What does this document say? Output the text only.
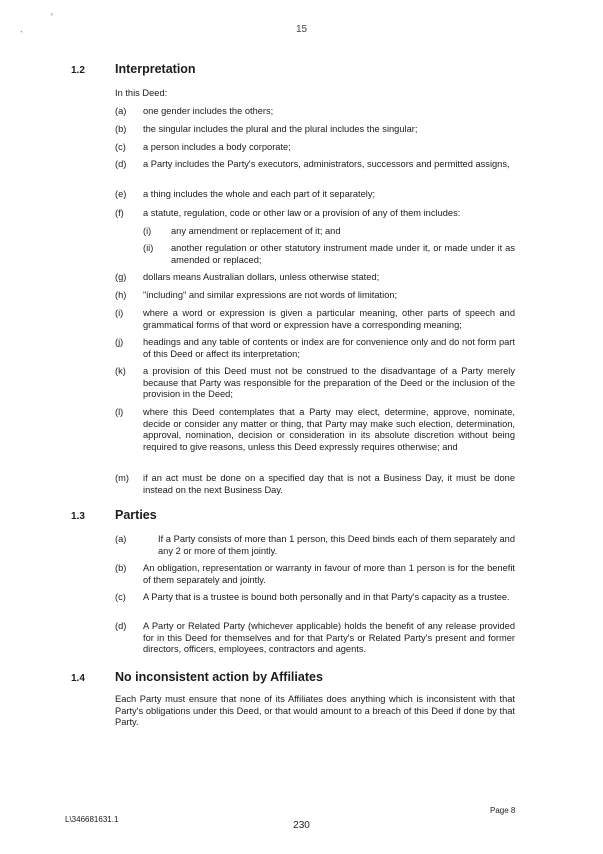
'
`	15
1.2 Interpretation
In this Deed:
(a) one gender includes the others;
(b) the singular includes the plural and the plural includes the singular;
(c) a person includes a body corporate;
(d) a Party includes the Party's executors, administrators, successors and permitted assigns,
(e) a thing includes the whole and each part of it separately;
(f) a statute, regulation, code or other law or a provision of any of them includes:
(i) any amendment or replacement of it; and
(ii) another regulation or other statutory instrument made under it, or made under it as amended or replaced;
(g) dollars means Australian dollars, unless otherwise stated;
(h) "including" and similar expressions are not words of limitation;
(i) where a word or expression is given a particular meaning, other parts of speech and grammatical forms of that word or expression have a corresponding meaning;
(j) headings and any table of contents or index are for convenience only and do not form part of this Deed or affect its interpretation;
(k) a provision of this Deed must not be construed to the disadvantage of a Party merely because that Party was responsible for the preparation of the Deed or the inclusion of the provision in the Deed;
(l) where this Deed contemplates that a Party may elect, determine, approve, nominate, decide or consider any matter or thing, that Party may make such election, determination, approval, nomination, decision or consideration in its absolute discretion without being required to give reasons, unless this Deed expressly requires otherwise; and
(m) if an act must be done on a specified day that is not a Business Day, it must be done instead on the next Business Day.
1.3 Parties
(a)	If a Party consists of more than 1 person, this Deed binds each of them separately and any 2 or more of them jointly.
(b) An obligation, representation or warranty in favour of more than 1 person is for the benefit of them separately and jointly.
(c) A Party that is a trustee is bound both personally and in that Party's capacity as a trustee.
(d) A Party or Related Party (whichever applicable) holds the benefit of any release provided for in this Deed for themselves and for that Party's or Related Party's present and former directors, officers, employees, contractors and agents.
1.4 No inconsistent action by Affiliates
Each Party must ensure that none of its Affiliates does anything which is inconsistent with that Party's obligations under this Deed, or that would amount to a breach of this Deed if done by that Party.
Page 8
L\346681631.1
230
